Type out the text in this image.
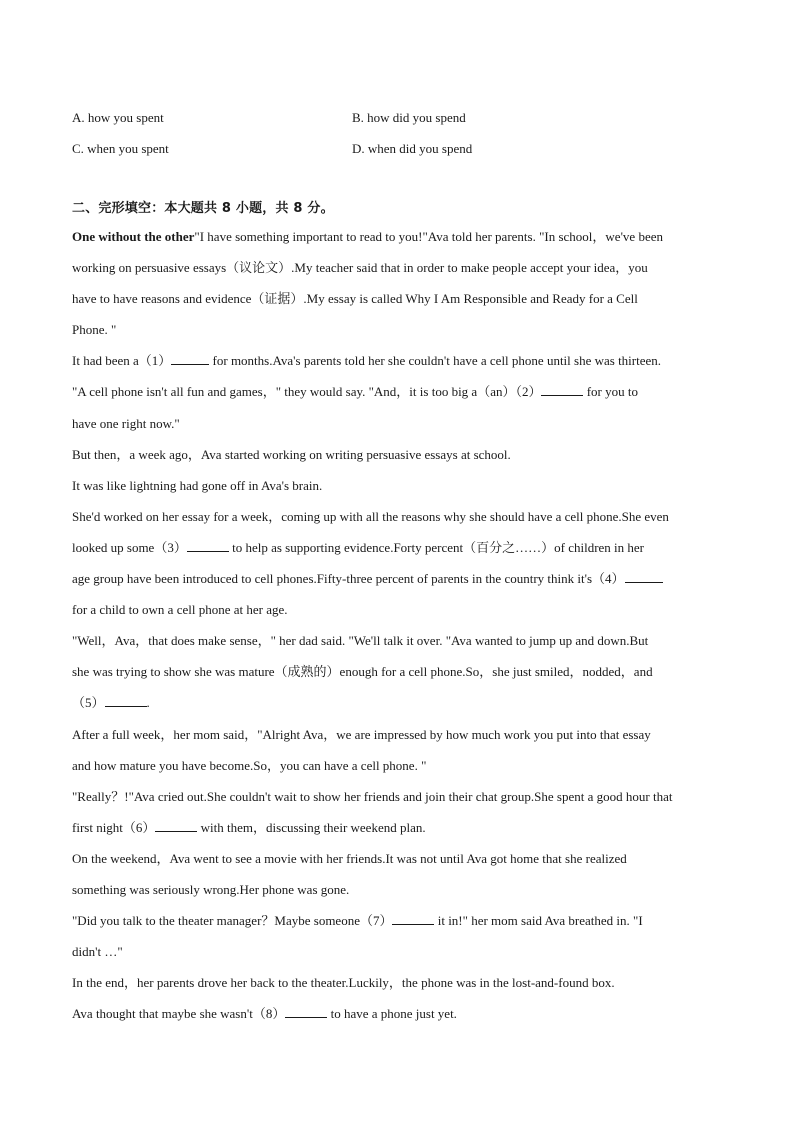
A. how you spent	B. how did you spend
C. when you spent	D. when did you spend
二、完形填空：本大题共 8 小题，共 8 分。
One without the other"I have something important to read to you!"Ava told her parents. "In school，we've been
working on persuasive essays（议论文）.My teacher said that in order to make people accept your idea，you
have to have reasons and evidence（证据）.My essay is called Why I Am Responsible and Ready for a Cell
Phone. "
It had been a（1）	for months.Ava's parents told her she couldn't have a cell phone until she was thirteen.
"A cell phone isn't all fun and games，" they would say. "And，it is too big a（an）（2）	for you to
have one right now."
But then，a week ago，Ava started working on writing persuasive essays at school.
It was like lightning had gone off in Ava's brain.
She'd worked on her essay for a week，coming up with all the reasons why she should have a cell phone.She even
looked up some（3）	to help as supporting evidence.Forty percent（百分之……）of children in her
age group have been introduced to cell phones.Fifty-three percent of parents in the country think it's（4）
for a child to own a cell phone at her age.
"Well，Ava，that does make sense，" her dad said. "We'll talk it over. "Ava wanted to jump up and down.But
she was trying to show she was mature（成熟的）enough for a cell phone.So，she just smiled，nodded，and
（5）	.
After a full week，her mom said，"Alright Ava，we are impressed by how much work you put into that essay
and how mature you have become.So，you can have a cell phone. "
"Really？!"Ava cried out.She couldn't wait to show her friends and join their chat group.She spent a good hour that
first night（6）	with them，discussing their weekend plan.
On the weekend，Ava went to see a movie with her friends.It was not until Ava got home that she realized
something was seriously wrong.Her phone was gone.
"Did you talk to the theater manager？Maybe someone（7）	it in!" her mom said Ava breathed in. "I
didn't …"
In the end，her parents drove her back to the theater.Luckily，the phone was in the lost-and-found box.
Ava thought that maybe she wasn't（8）	to have a phone just yet.
